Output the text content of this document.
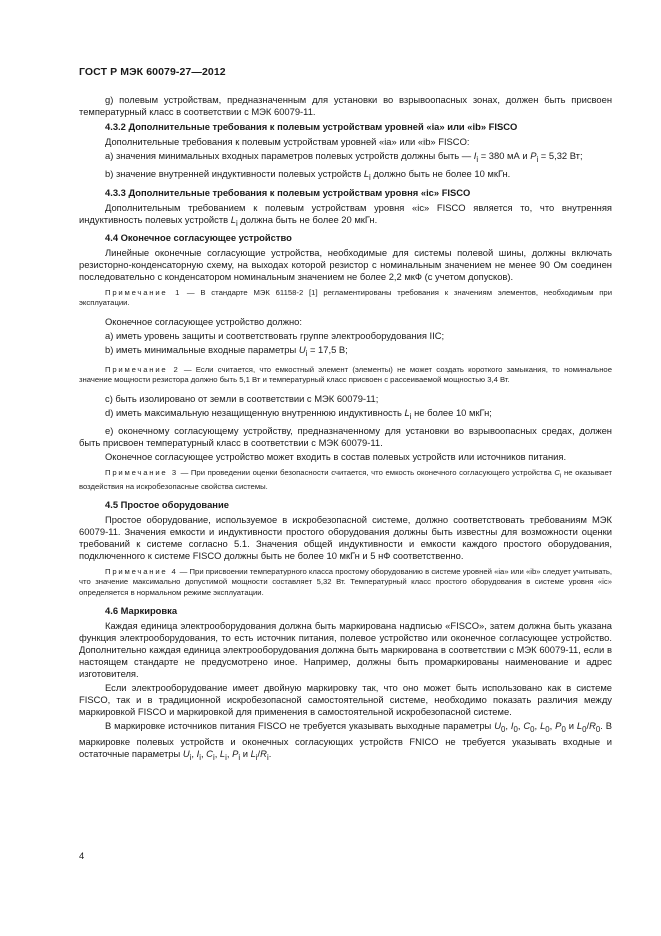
ГОСТ Р МЭК 60079-27—2012

g) полевым устройствам, предназначенным для установки во взрывоопасных зонах, должен быть присвоен температурный класс в соответствии с МЭК 60079-11.

4.3.2 Дополнительные требования к полевым устройствам уровней «ia» или «ib» FISCO

Дополнительные требования к полевым устройствам уровней «ia» или «ib» FISCO:

a) значения минимальных входных параметров полевых устройств должны быть — $I_i = 380$ мА и $P_i = 5,32$ Вт;

b) значение внутренней индуктивности полевых устройств $L_i$ должно быть не более 10 мкГн.

4.3.3 Дополнительные требования к полевым устройствам уровня «ic» FISCO

Дополнительным требованием к полевым устройствам уровня «ic» FISCO является то, что внутренняя индуктивность полевых устройств $L_i$ должна быть не более 20 мкГн.

4.4 Оконечное согласующее устройство

Линейные оконечные согласующие устройства, необходимые для системы полевой шины, должны включать резисторно-конденсаторную схему, на выходах которой резистор с номинальным значением не менее 90 Ом соединен последовательно с конденсатором номинальным значением не более 2,2 мкФ (с учетом допусков).

Примечание 1 — В стандарте МЭК 61158-2 [1] регламентированы требования к значениям элементов, необходимым при эксплуатации.

Оконечное согласующее устройство должно:

a) иметь уровень защиты и соответствовать группе электрооборудования IIC;

b) иметь минимальные входные параметры $U_i = 17,5$ В;

Примечание 2 — Если считается, что емкостный элемент (элементы) не может создать короткого замыкания, то номинальное значение мощности резистора должно быть 5,1 Вт и температурный класс присвоен с рассеиваемой мощностью 3,4 Вт.

c) быть изолировано от земли в соответствии с МЭК 60079-11;

d) иметь максимальную незащищенную внутреннюю индуктивность $L_i$ не более 10 мкГн;

e) оконечному согласующему устройству, предназначенному для установки во взрывоопасных средах, должен быть присвоен температурный класс в соответствии с МЭК 60079-11.

Оконечное согласующее устройство может входить в состав полевых устройств или источников питания.

Примечание 3 — При проведении оценки безопасности считается, что емкость оконечного согласующего устройства $C_i$ не оказывает воздействия на искробезопасные свойства системы.

4.5 Простое оборудование

Простое оборудование, используемое в искробезопасной системе, должно соответствовать требованиям МЭК 60079-11. Значения емкости и индуктивности простого оборудования должны быть известны для возможности оценки требований к системе согласно 5.1. Значения общей индуктивности и емкости каждого простого оборудования, подключенного к системе FISCO должны быть не более 10 мкГн и 5 нФ соответственно.

Примечание 4 — При присвоении температурного класса простому оборудованию в системе уровней «ia» или «ib» следует учитывать, что значение максимально допустимой мощности составляет 5,32 Вт. Температурный класс простого оборудования в системе уровня «ic» определяется в нормальном режиме эксплуатации.

4.6 Маркировка

Каждая единица электрооборудования должна быть маркирована надписью «FISCO», затем должна быть указана функция электрооборудования, то есть источник питания, полевое устройство или оконечное согласующее устройство. Дополнительно каждая единица электрооборудования должна быть маркирована в соответствии с МЭК 60079-11, если в настоящем стандарте не предусмотрено иное. Например, должны быть промаркированы наименование и адрес изготовителя.

Если электрооборудование имеет двойную маркировку так, что оно может быть использовано как в системе FISCO, так и в традиционной искробезопасной самостоятельной системе, необходимо показать различия между маркировкой FISCO и маркировкой для применения в самостоятельной искробезопасной системе.

В маркировке источников питания FISCO не требуется указывать выходные параметры $U_0$, $I_0$, $C_0$, $L_0$, $P_0$ и $L_0/R_0$. В маркировке полевых устройств и оконечных согласующих устройств FNICO не требуется указывать входные и остаточные параметры $U_i$, $I_i$, $C_i$, $L_i$, $P_i$ и $L_i/R_i$.

4
